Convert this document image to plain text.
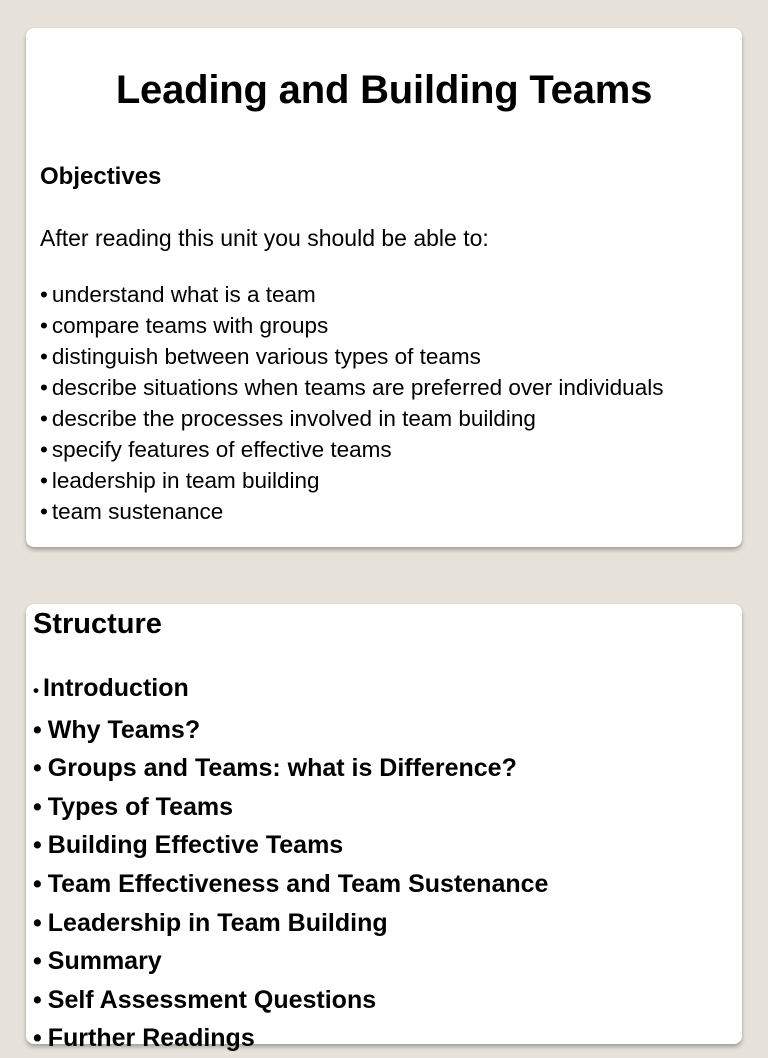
Leading and Building Teams
Objectives
After reading this unit you should be able to:
• understand what is a team
• compare teams with groups
• distinguish between various types of teams
• describe situations when teams are preferred over individuals
• describe the processes involved in team building
• specify features of effective teams
• leadership in team building
• team sustenance
Structure
• Introduction
• Why Teams?
• Groups and Teams: what is Difference?
• Types of Teams
• Building Effective Teams
• Team Effectiveness and Team Sustenance
• Leadership in Team Building
• Summary
• Self Assessment Questions
• Further Readings
